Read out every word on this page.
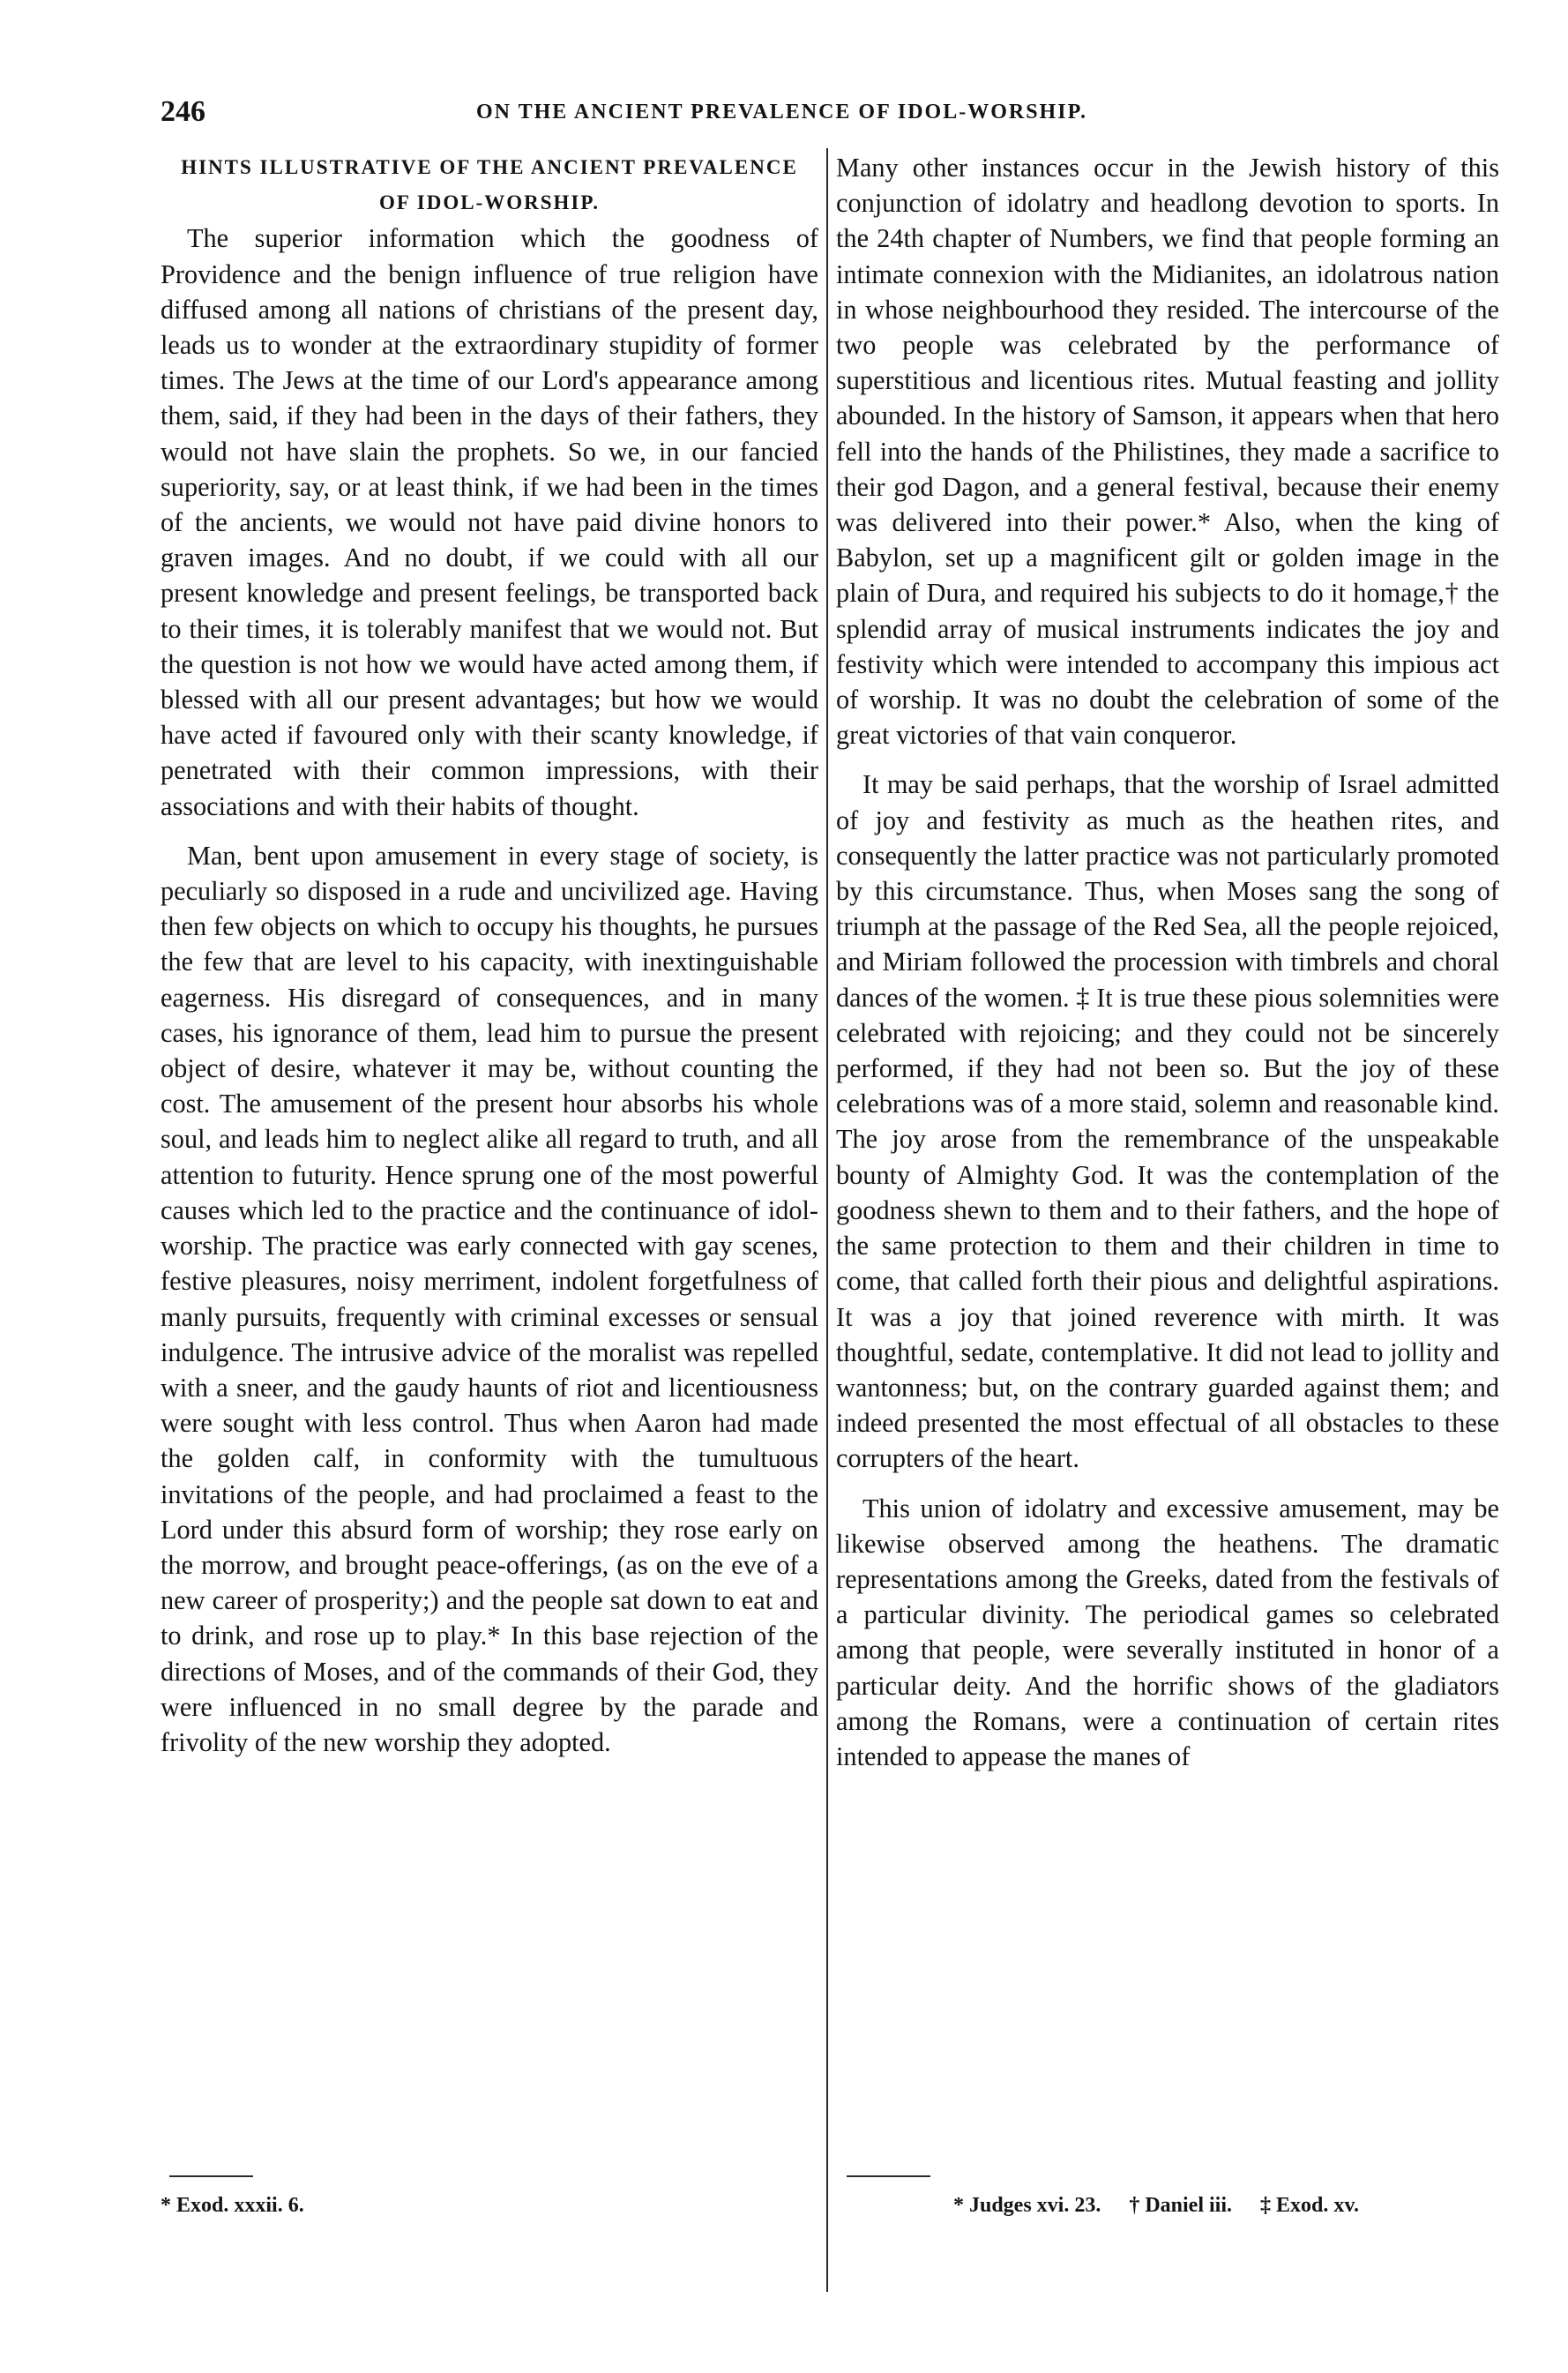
246	ON THE ANCIENT PREVALENCE OF IDOL-WORSHIP.
HINTS ILLUSTRATIVE OF THE ANCIENT PREVALENCE
OF IDOL-WORSHIP.

The superior information which the goodness of Providence and the benign influence of true religion have diffused among all nations of christians of the present day, leads us to wonder at the extraordinary stupidity of former times. The Jews at the time of our Lord's appearance among them, said, if they had been in the days of their fathers, they would not have slain the prophets. So we, in our fancied superiority, say, or at least think, if we had been in the times of the ancients, we would not have paid divine honors to graven images. And no doubt, if we could with all our present knowledge and present feelings, be transported back to their times, it is tolerably manifest that we would not. But the question is not how we would have acted among them, if blessed with all our present advantages; but how we would have acted if favoured only with their scanty knowledge, if penetrated with their common impressions, with their associations and with their habits of thought.

Man, bent upon amusement in every stage of society, is peculiarly so disposed in a rude and uncivilized age. Having then few objects on which to occupy his thoughts, he pursues the few that are level to his capacity, with inextinguishable eagerness. His disregard of consequences, and in many cases, his ignorance of them, lead him to pursue the present object of desire, whatever it may be, without counting the cost. The amusement of the present hour absorbs his whole soul, and leads him to neglect alike all regard to truth, and all attention to futurity. Hence sprung one of the most powerful causes which led to the practice and the continuance of idol-worship. The practice was early connected with gay scenes, festive pleasures, noisy merriment, indolent forgetfulness of manly pursuits, frequently with criminal excesses or sensual indulgence. The intrusive advice of the moralist was repelled with a sneer, and the gaudy haunts of riot and licentiousness were sought with less control. Thus when Aaron had made the golden calf, in conformity with the tumultuous invitations of the people, and had proclaimed a feast to the Lord under this absurd form of worship; they rose early on the morrow, and brought peace-offerings, (as on the eve of a new career of prosperity;) and the people sat down to eat and to drink, and rose up to play.* In this base rejection of the directions of Moses, and of the commands of their God, they were influenced in no small degree by the parade and frivolity of the new worship they adopted.

Many other instances occur in the Jewish history of this conjunction of idolatry and headlong devotion to sports. In the 24th chapter of Numbers, we find that people forming an intimate connexion with the Midianites, an idolatrous nation in whose neighbourhood they resided. The intercourse of the two people was celebrated by the performance of superstitious and licentious rites. Mutual feasting and jollity abounded. In the history of Samson, it appears when that hero fell into the hands of the Philistines, they made a sacrifice to their god Dagon, and a general festival, because their enemy was delivered into their power.* Also, when the king of Babylon, set up a magnificent gilt or golden image in the plain of Dura, and required his subjects to do it homage,† the splendid array of musical instruments indicates the joy and festivity which were intended to accompany this impious act of worship. It was no doubt the celebration of some of the great victories of that vain conqueror.

It may be said perhaps, that the worship of Israel admitted of joy and festivity as much as the heathen rites, and consequently the latter practice was not particularly promoted by this circumstance. Thus, when Moses sang the song of triumph at the passage of the Red Sea, all the people rejoiced, and Miriam followed the procession with timbrels and choral dances of the women. ‡ It is true these pious solemnities were celebrated with rejoicing; and they could not be sincerely performed, if they had not been so. But the joy of these celebrations was of a more staid, solemn and reasonable kind. The joy arose from the remembrance of the unspeakable bounty of Almighty God. It was the contemplation of the goodness shewn to them and to their fathers, and the hope of the same protection to them and their children in time to come, that called forth their pious and delightful aspirations. It was a joy that joined reverence with mirth. It was thoughtful, sedate, contemplative. It did not lead to jollity and wantonness; but, on the contrary guarded against them; and indeed presented the most effectual of all obstacles to these corrupters of the heart.

This union of idolatry and excessive amusement, may be likewise observed among the heathens. The dramatic representations among the Greeks, dated from the festivals of a particular divinity. The periodical games so celebrated among that people, were severally instituted in honor of a particular deity. And the horrific shows of the gladiators among the Romans, were a continuation of certain rites intended to appease the manes of

* Exod. xxxii. 6.	* Judges xvi. 23. † Daniel iii. ‡ Exod. xv.
